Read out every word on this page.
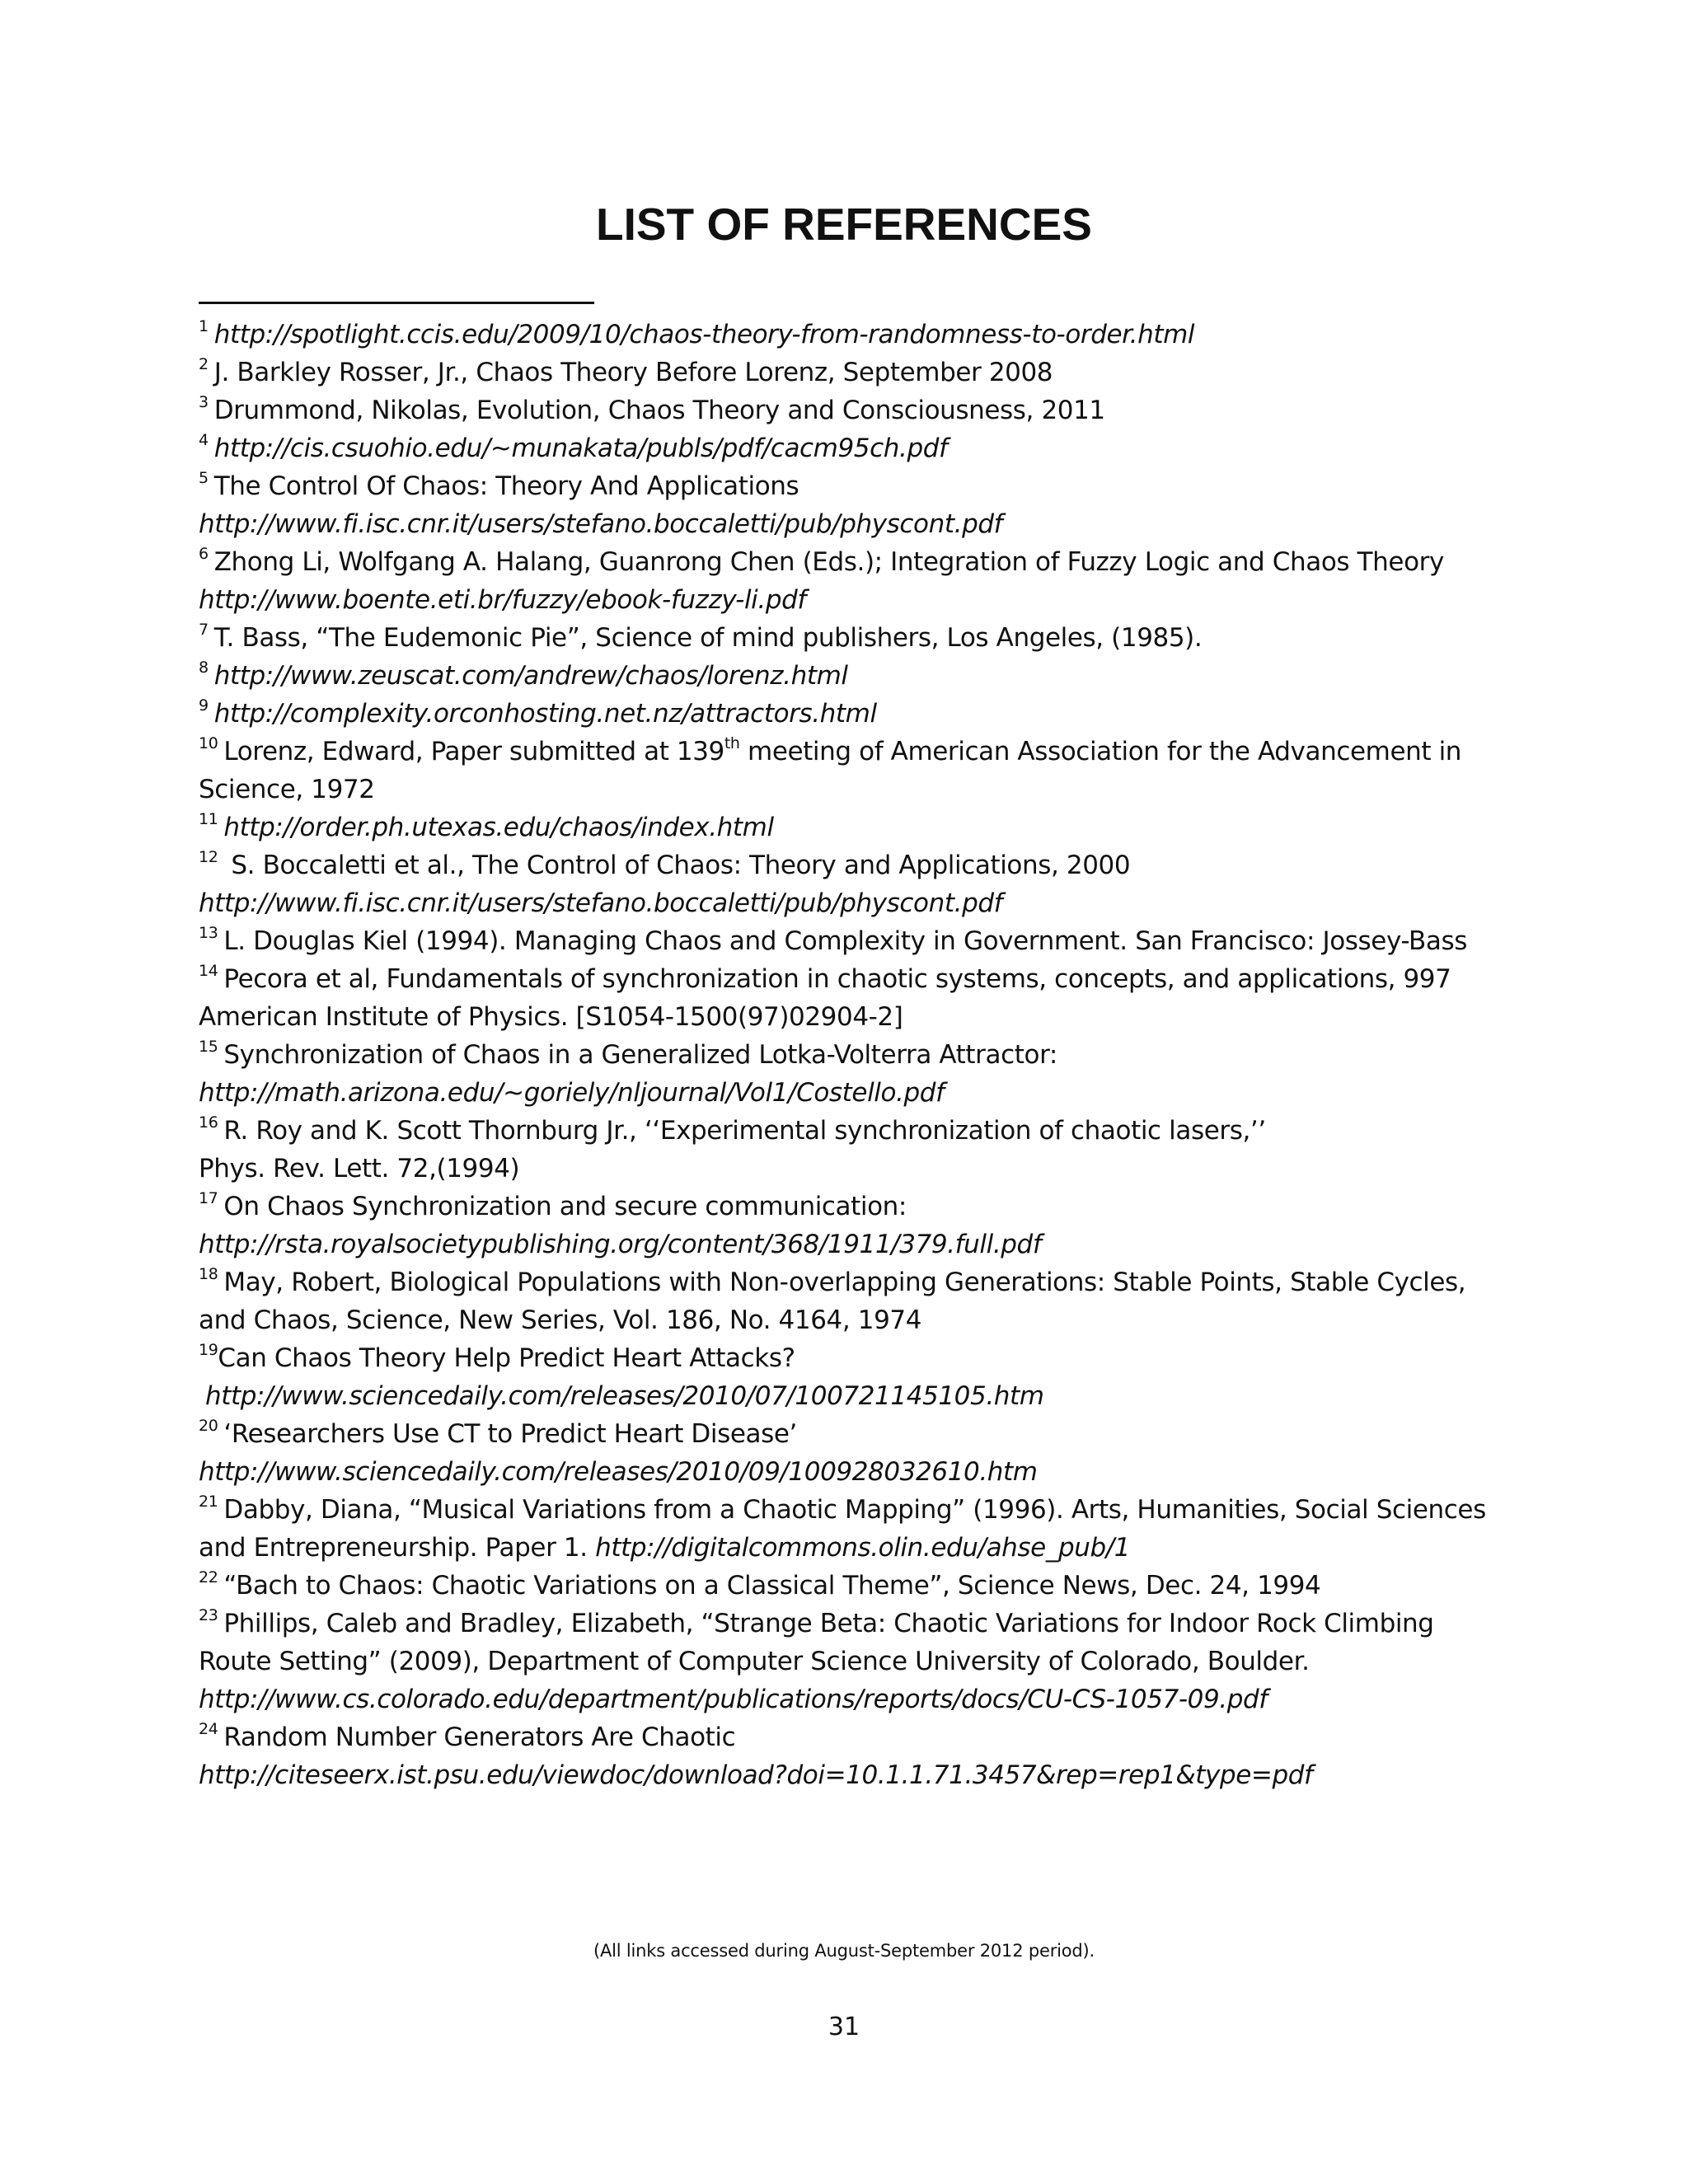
LIST OF REFERENCES
$^1$ http://spotlight.ccis.edu/2009/10/chaos-theory-from-randomness-to-order.html
$^2$ J. Barkley Rosser, Jr., Chaos Theory Before Lorenz, September 2008
$^3$ Drummond, Nikolas, Evolution, Chaos Theory and Consciousness, 2011
$^4$ http://cis.csuohio.edu/~munakata/publs/pdf/cacm95ch.pdf
$^5$ The Control Of Chaos: Theory And Applications
http://www.fi.isc.cnr.it/users/stefano.boccaletti/pub/physcont.pdf
$^6$ Zhong Li, Wolfgang A. Halang, Guanrong Chen (Eds.); Integration of Fuzzy Logic and Chaos Theory
http://www.boente.eti.br/fuzzy/ebook-fuzzy-li.pdf
$^7$ T. Bass, “The Eudemonic Pie”, Science of mind publishers, Los Angeles, (1985).
$^8$ http://www.zeuscat.com/andrew/chaos/lorenz.html
$^9$ http://complexity.orconhosting.net.nz/attractors.html
$^{10}$ Lorenz, Edward, Paper submitted at 139th meeting of American Association for the Advancement in
Science, 1972
$^{11}$ http://order.ph.utexas.edu/chaos/index.html
$^{12}$ S. Boccaletti et al., The Control of Chaos: Theory and Applications, 2000
http://www.fi.isc.cnr.it/users/stefano.boccaletti/pub/physcont.pdf
$^{13}$ L. Douglas Kiel (1994). Managing Chaos and Complexity in Government. San Francisco: Jossey-Bass
$^{14}$ Pecora et al, Fundamentals of synchronization in chaotic systems, concepts, and applications, 997
American Institute of Physics. [S1054-1500(97)02904-2]
$^{15}$ Synchronization of Chaos in a Generalized Lotka-Volterra Attractor:
http://math.arizona.edu/~goriely/nljournal/Vol1/Costello.pdf
$^{16}$ R. Roy and K. Scott Thornburg Jr., ‘‘Experimental synchronization of chaotic lasers,’’
Phys. Rev. Lett. 72,(1994)
$^{17}$ On Chaos Synchronization and secure communication:
http://rsta.royalsocietypublishing.org/content/368/1911/379.full.pdf
$^{18}$ May, Robert, Biological Populations with Non-overlapping Generations: Stable Points, Stable Cycles,
and Chaos, Science, New Series, Vol. 186, No. 4164, 1974
$^{19}$Can Chaos Theory Help Predict Heart Attacks?
http://www.sciencedaily.com/releases/2010/07/100721145105.htm
$^{20}$ ‘Researchers Use CT to Predict Heart Disease’
http://www.sciencedaily.com/releases/2010/09/100928032610.htm
$^{21}$ Dabby, Diana, “Musical Variations from a Chaotic Mapping” (1996). Arts, Humanities, Social Sciences
and Entrepreneurship. Paper 1. http://digitalcommons.olin.edu/ahse_pub/1
$^{22}$ “Bach to Chaos: Chaotic Variations on a Classical Theme”, Science News, Dec. 24, 1994
$^{23}$ Phillips, Caleb and Bradley, Elizabeth, “Strange Beta: Chaotic Variations for Indoor Rock Climbing
Route Setting” (2009), Department of Computer Science University of Colorado, Boulder.
http://www.cs.colorado.edu/department/publications/reports/docs/CU-CS-1057-09.pdf
$^{24}$ Random Number Generators Are Chaotic
http://citeseerx.ist.psu.edu/viewdoc/download?doi=10.1.1.71.3457&rep=rep1&type=pdf
(All links accessed during August-September 2012 period).
31
